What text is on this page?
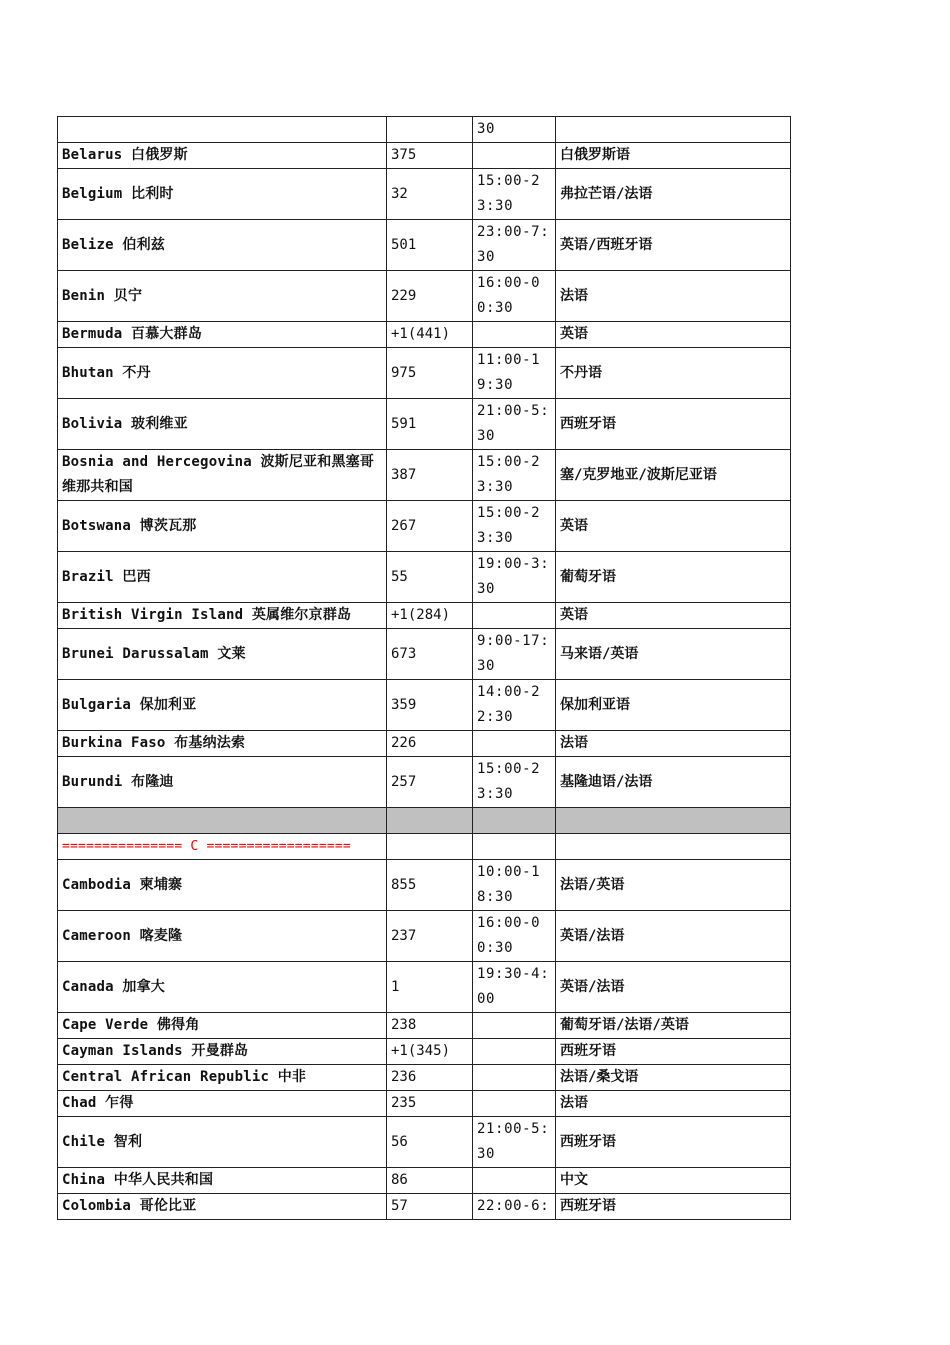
		30	
Belarus 白俄罗斯	375		白俄罗斯语
Belgium 比利时	32	15:00-23:30	弗拉芒语/法语
Belize 伯利兹	501	23:00-7:30	英语/西班牙语
Benin 贝宁	229	16:00-00:30	法语
Bermuda 百慕大群岛	+1(441)		英语
Bhutan 不丹	975	11:00-19:30	不丹语
Bolivia 玻利维亚	591	21:00-5:30	西班牙语
Bosnia and Hercegovina 波斯尼亚和黑塞哥维那共和国	387	15:00-23:30	塞/克罗地亚/波斯尼亚语
Botswana 博茨瓦那	267	15:00-23:30	英语
Brazil 巴西	55	19:00-3:30	葡萄牙语
British Virgin Island 英属维尔京群岛	+1(284)		英语
Brunei Darussalam 文莱	673	9:00-17:30	马来语/英语
Bulgaria 保加利亚	359	14:00-22:30	保加利亚语
Burkina Faso 布基纳法索	226		法语
Burundi 布隆迪	257	15:00-23:30	基隆迪语/法语

=============== C ==================			
Cambodia 柬埔寨	855	10:00-18:30	法语/英语
Cameroon 喀麦隆	237	16:00-00:30	英语/法语
Canada 加拿大	1	19:30-4:00	英语/法语
Cape Verde 佛得角	238		葡萄牙语/法语/英语
Cayman Islands 开曼群岛	+1(345)		西班牙语
Central African Republic 中非	236		法语/桑戈语
Chad 乍得	235		法语
Chile 智利	56	21:00-5:30	西班牙语
China 中华人民共和国	86		中文
Colombia 哥伦比亚	57	22:00-6:	西班牙语
